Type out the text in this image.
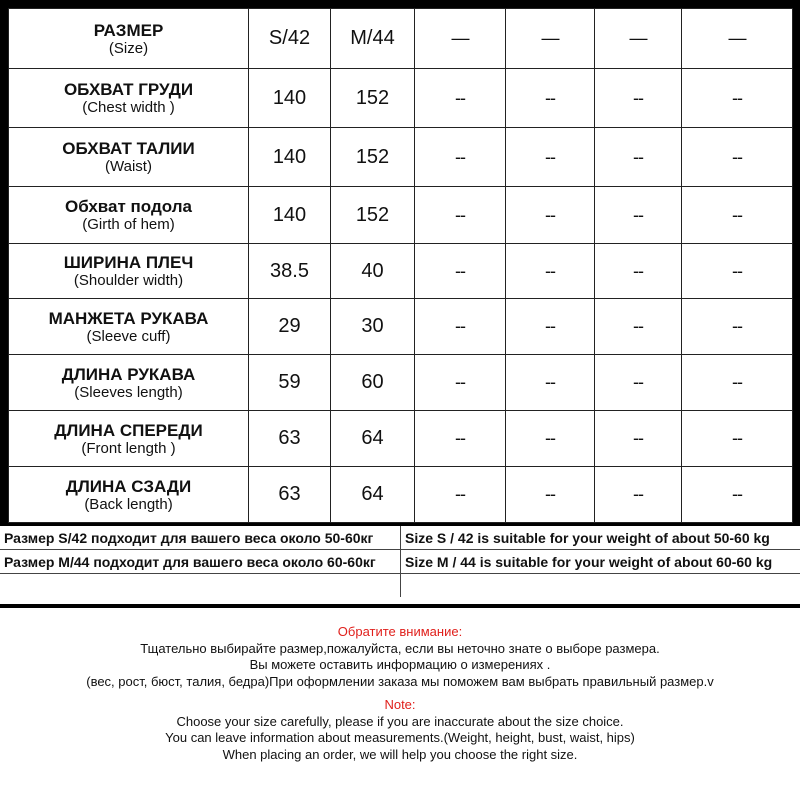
РАЗМЕР
(Size)	S/42	M/44	—	—	—	—

ОБХВАТ ГРУДИ
(Chest width )	140	152	--	--	--	--

ОБХВАТ ТАЛИИ
(Waist)	140	152	--	--	--	--

Обхват подола
(Girth of hem)	140	152	--	--	--	--

ШИРИНА ПЛЕЧ
(Shoulder width)	38.5	40	--	--	--	--

МАНЖЕТА РУКАВА
(Sleeve cuff)	29	30	--	--	--	--

ДЛИНА РУКАВА
(Sleeves length)	59	60	--	--	--	--

ДЛИНА СПЕРЕДИ
(Front length )	63	64	--	--	--	--

ДЛИНА СЗАДИ
(Back length)	63	64	--	--	--	--
Размер S/42 подходит для вашего веса около 50-60кг	Size S / 42 is suitable for your weight of about 50-60 kg
Размер M/44 подходит для вашего веса около 60-60кг	Size M / 44 is suitable for your weight of about 60-60 kg

Обратите внимание:
Тщательно выбирайте размер,пожалуйста, если вы неточно знате о выборе размера.
Вы можете оставить информацию о измерениях .
(вес, рост, бюст, талия, бедра)При оформлении заказа мы поможем вам выбрать правильный размер.v
Note:
Choose your size carefully, please if you are inaccurate about the size choice.
You can leave information about measurements.(Weight, height, bust, waist, hips)
When placing an order, we will help you choose the right size.
